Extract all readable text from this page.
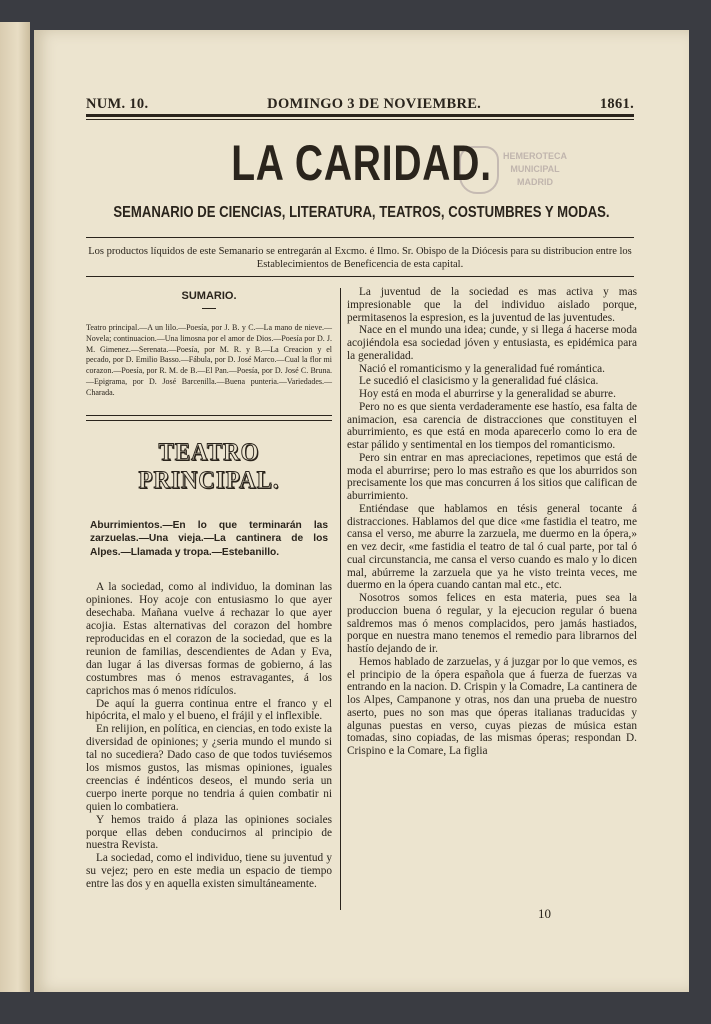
NUM. 10.	DOMINGO 3 DE NOVIEMBRE.	1861.
HEMEROTECA
MUNICIPAL
MADRID
LA CARIDAD.
SEMANARIO DE CIENCIAS, LITERATURA, TEATROS, COSTUMBRES Y MODAS.
Los productos líquidos de este Semanario se entregarán al Excmo. é Ilmo. Sr. Obispo de la Diócesis para su distribucion entre los Establecimientos de Beneficencia de esta capital.
SUMARIO.
Teatro principal.—A un lilo.—Poesía, por J. B. y C.—La mano de nieve.—Novela; continuacion.—Una limosna por el amor de Dios.—Poesía por D. J. M. Gimenez.—Serenata.—Poesía, por M. R. y B.—La Creacion y el pecado, por D. Emilio Basso.—Fábula, por D. José Marco.—Cual la flor mi corazon.—Poesía, por R. M. de B.—El Pan.—Poesía, por D. José C. Bruna.—Epigrama, por D. José Barcenilla.—Buena punteria.—Variedades.—Charada.
TEATRO PRINCIPAL.
Aburrimientos.—En lo que terminarán las zarzuelas.—Una vieja.—La cantinera de los Alpes.—Llamada y tropa.—Estebanillo.

A la sociedad, como al individuo, la dominan las opiniones. Hoy acoje con entusiasmo lo que ayer desechaba. Mañana vuelve á rechazar lo que ayer acojia. Estas alternativas del corazon del hombre reproducidas en el corazon de la sociedad, que es la reunion de familias, descendientes de Adan y Eva, dan lugar á las diversas formas de gobierno, á las costumbres mas ó menos estravagantes, á los caprichos mas ó menos ridículos.

De aquí la guerra continua entre el franco y el hipócrita, el malo y el bueno, el frájil y el inflexible.

En relijion, en política, en ciencias, en todo existe la diversidad de opiniones; y ¿seria mundo el mundo si tal no sucediera? Dado caso de que todos tuviésemos los mismos gustos, las mismas opiniones, iguales creencias é indénticos deseos, el mundo seria un cuerpo inerte porque no tendria á quien combatir ni quien lo combatiera.

Y hemos traido á plaza las opiniones sociales porque ellas deben conducirnos al principio de nuestra Revista.

La sociedad, como el individuo, tiene su juventud y su vejez; pero en este media un espacio de tiempo entre las dos y en aquella existen simultáneamente.

La juventud de la sociedad es mas activa y mas impresionable que la del individuo aislado porque, permitasenos la espresion, es la juventud de las juventudes.

Nace en el mundo una idea; cunde, y si llega á hacerse moda acojiéndola esa sociedad jóven y entusiasta, es epidémica para la generalidad.

Nació el romanticismo y la generalidad fué romántica.

Le sucedió el clasicismo y la generalidad fué clásica.

Hoy está en moda el aburrirse y la generalidad se aburre.

Pero no es que sienta verdaderamente ese hastío, esa falta de animacion, esa carencia de distracciones que constituyen el aburrimiento, es que está en moda aparecerlo como lo era de estar pálido y sentimental en los tiempos del romanticismo.

Pero sin entrar en mas apreciaciones, repetimos que está de moda el aburrirse; pero lo mas estraño es que los aburridos son precisamente los que mas concurren á los sitios que califican de aburrimiento.

Entiéndase que hablamos en tésis general tocante á distracciones. Hablamos del que dice «me fastidia el teatro, me cansa el verso, me aburre la zarzuela, me duermo en la ópera,» en vez decir, «me fastidia el teatro de tal ó cual parte, por tal ó cual circunstancia, me cansa el verso cuando es malo y lo dicen mal, abúrreme la zarzuela que ya he visto treinta veces, me duermo en la ópera cuando cantan mal etc., etc.

Nosotros somos felices en esta materia, pues sea la produccion buena ó regular, y la ejecucion regular ó buena saldremos mas ó menos complacidos, pero jamás hastiados, porque en nuestra mano tenemos el remedio para librarnos del hastío dejando de ir.

Hemos hablado de zarzuelas, y á juzgar por lo que vemos, es el principio de la ópera española que á fuerza de fuerzas va entrando en la nacion. D. Crispin y la Comadre, La cantinera de los Alpes, Campanone y otras, nos dan una prueba de nuestro aserto, pues no son mas que óperas italianas traducidas y algunas puestas en verso, cuyas piezas de música estan tomadas, sino copiadas, de las mismas óperas; respondan D. Crispino e la Comare, La figlia

10
